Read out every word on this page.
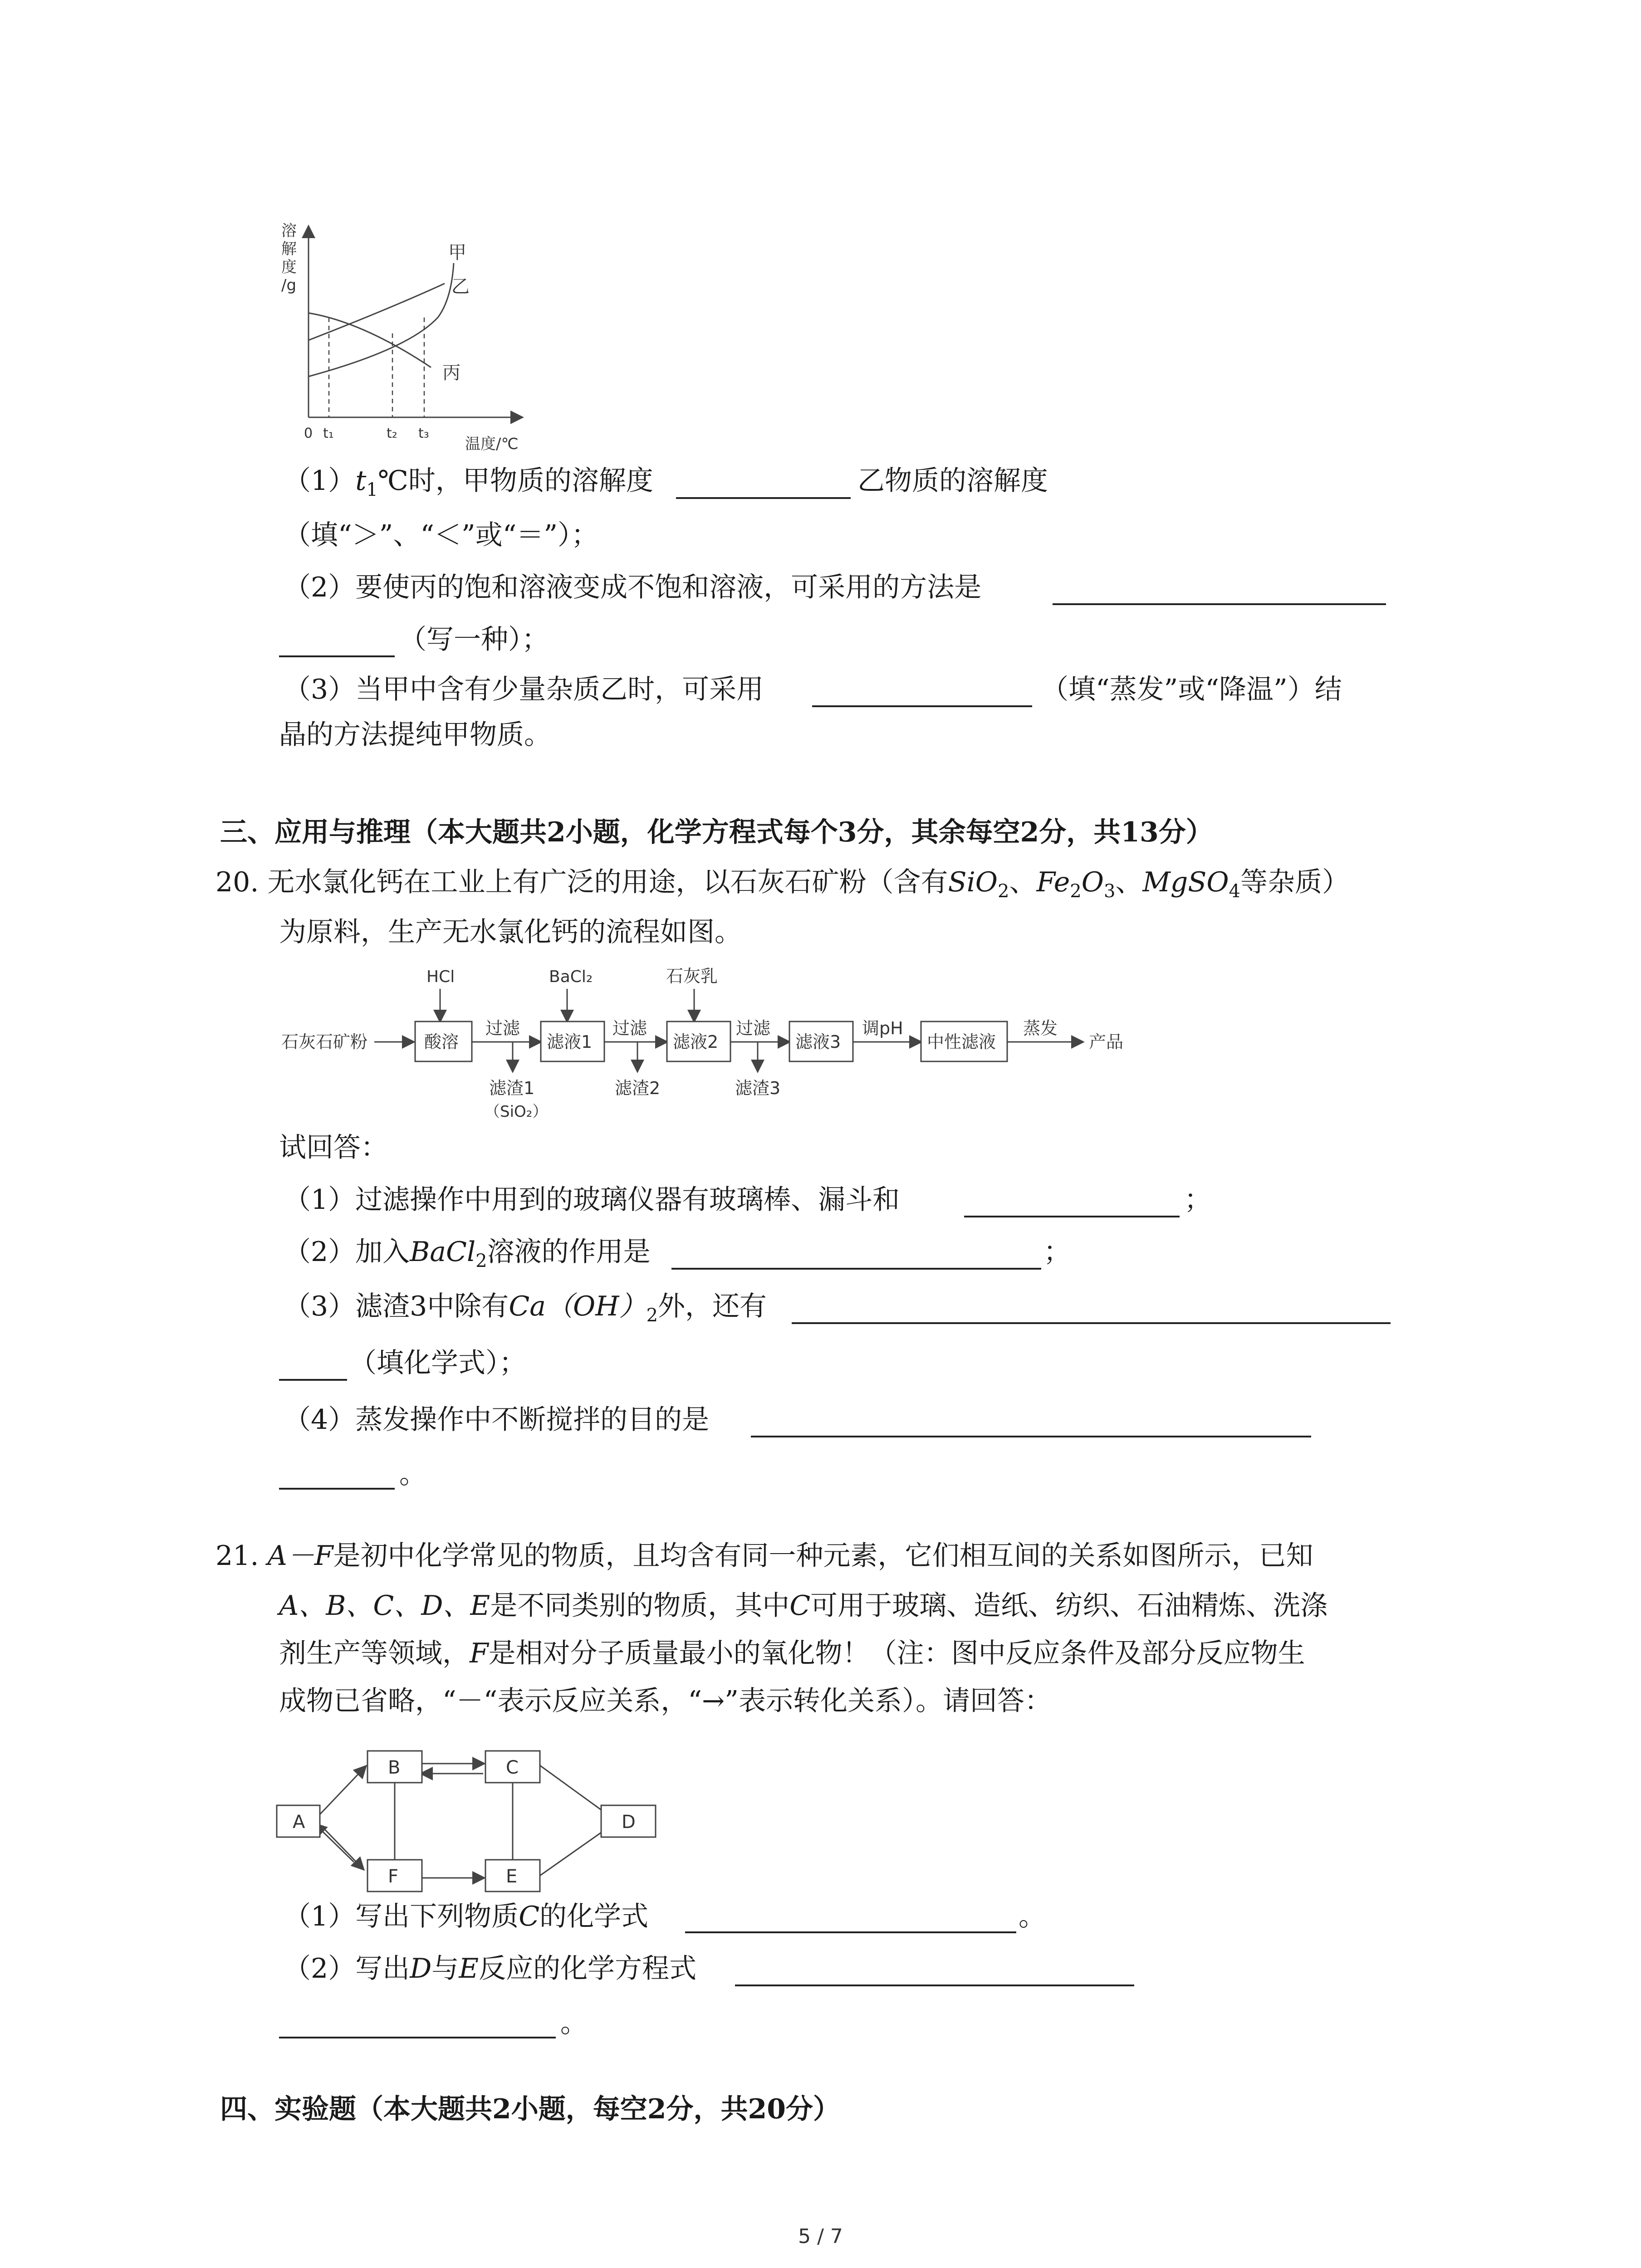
溶
解
度
/g
甲
乙
丙
0 t₁	t₂ t₃
温度/℃
$(1)t_1℃$时，甲物质的溶解度	乙物质的溶解度
（填“＞”、“＜”或“＝”）；
（2）要使丙的饱和溶液变成不饱和溶液，可采用的方法是
（写一种）；
（3）当甲中含有少量杂质乙时，可采用	（填“蒸发”或“降温”）结
晶的方法提纯甲物质。
三、应用与推理（本大题共2小题，化学方程式每个3分，其余每空2分，共13分）
20. 无水氯化钙在工业上有广泛的用途，以石灰石矿粉（含有SiO$_2$、$Fe_2O_3$、MgSO$_4$等杂质）
为原料，生产无水氯化钙的流程如图。
石灰石矿粉
HCl
酸溶
过滤
滤渣1
（SiO₂）
BaCl₂
滤液1
过滤
滤渣2
石灰乳
滤液2
过滤
滤渣3
滤液3
调pH
中性滤液
蒸发
产品
试回答：
（1）过滤操作中用到的玻璃仪器有玻璃棒、漏斗和	；
（2）加入BaCl$_2$溶液的作用是	；
（3）滤渣3中除有$Ca(OH)_2$外，还有
（填化学式）；
（4）蒸发操作中不断搅拌的目的是
。
21. A－F是初中化学常见的物质，且均含有同一种元素，它们相互间的关系如图所示，已知
A、B、C、D、E是不同类别的物质，其中C可用于玻璃、造纸、纺织、石油精炼、洗涤
剂生产等领域，F是相对分子质量最小的氧化物！（注：图中反应条件及部分反应物生
成物已省略，“－“表示反应关系，“→”表示转化关系）。请回答：
A
B	C
D
F	E
（1）写出下列物质C的化学式	。
（2）写出D与E反应的化学方程式
。
四、实验题（本大题共2小题，每空2分，共20分）
5 / 7
